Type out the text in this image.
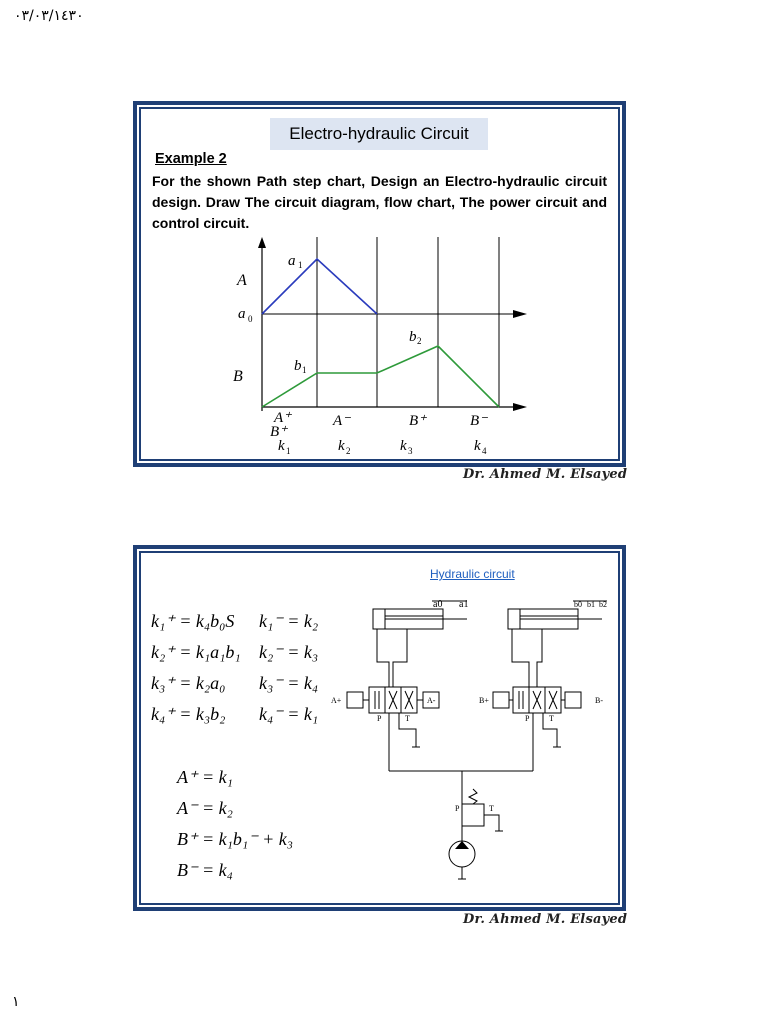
٠٣/٠٣/١٤٣٠
Electro-hydraulic Circuit
Example 2
For the shown Path step chart, Design an Electro-hydraulic circuit design. Draw The circuit diagram, flow chart, The power circuit and control circuit.
A
B
a 0
a 1
b 1
b 2
A⁺
B⁺
A⁻	B⁺	B⁻
k 1	k 2	k 3	k 4
Dr. Ahmed M. Elsayed
Hydraulic circuit
k₁⁺ = k₄b₀S k₁⁻ = k₂
k₂⁺ = k₁a₁b₁ k₂⁻ = k₃
k₃⁺ = k₂a₀ k₃⁻ = k₄
k₄⁺ = k₃b₂ k₄⁻ = k₁
A⁺ = k₁
A⁻ = k₂
B⁺ = k₁b₁⁻ + k₃
B⁻ = k₄
a0 a1	b0 b1 b2
A+	A-	B+	B-
P	T	P T
P	T
Dr. Ahmed M. Elsayed
١
